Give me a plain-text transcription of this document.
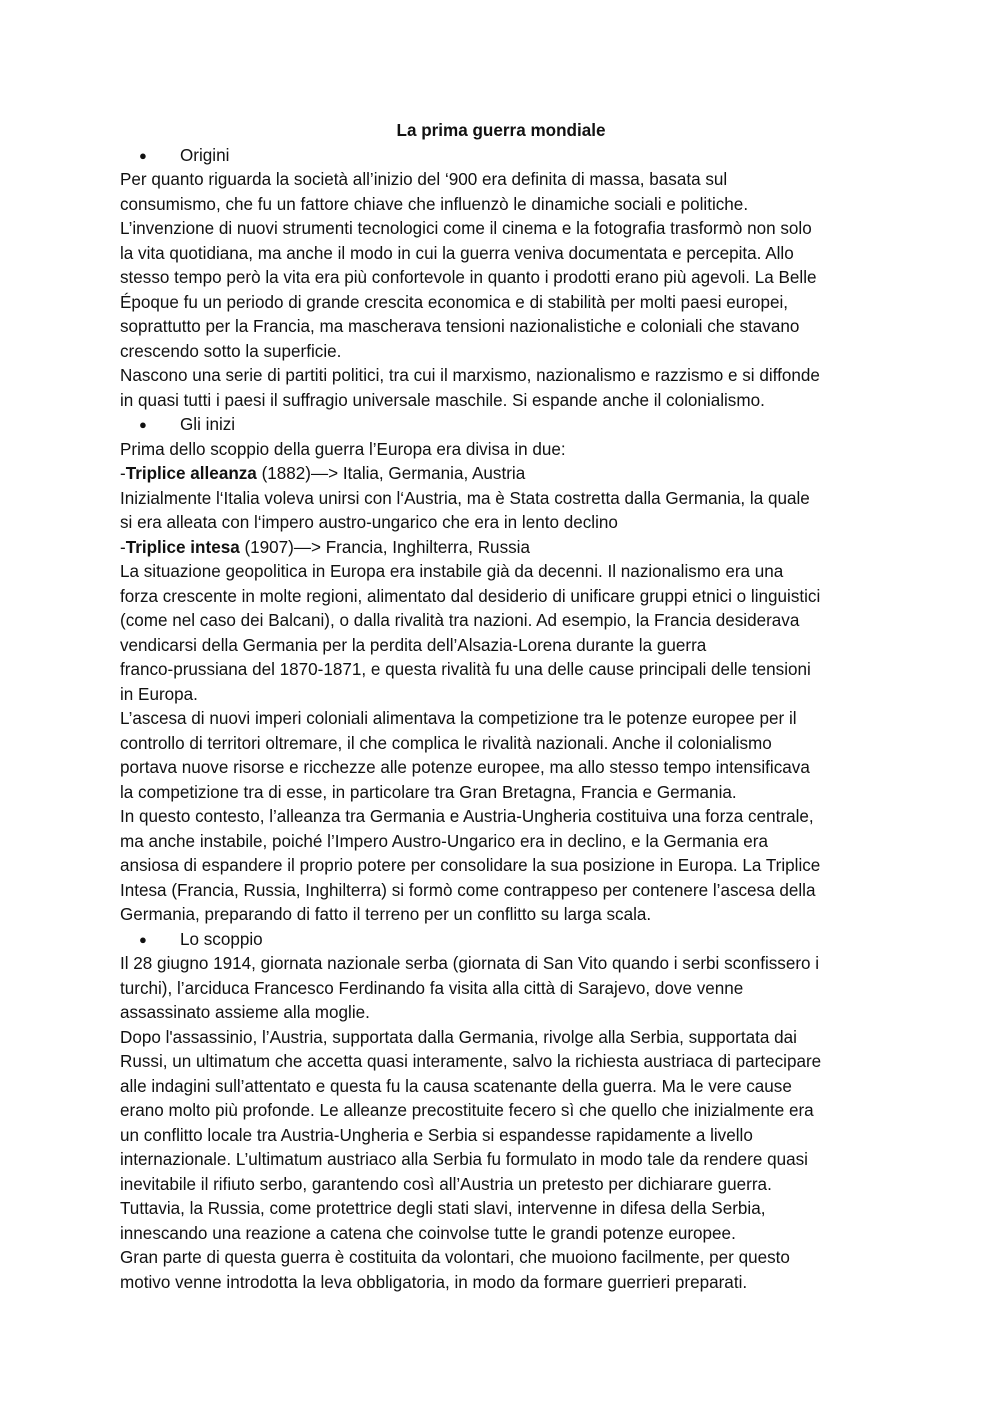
La prima guerra mondiale

● Origini

Per quanto riguarda la società all’inizio del ‘900 era definita di massa, basata sul
consumismo, che fu un fattore chiave che influenzò le dinamiche sociali e politiche.
L’invenzione di nuovi strumenti tecnologici come il cinema e la fotografia trasformò non solo
la vita quotidiana, ma anche il modo in cui la guerra veniva documentata e percepita. Allo
stesso tempo però la vita era più confortevole in quanto i prodotti erano più agevoli. La Belle
Époque fu un periodo di grande crescita economica e di stabilità per molti paesi europei,
soprattutto per la Francia, ma mascherava tensioni nazionalistiche e coloniali che stavano
crescendo sotto la superficie.

Nascono una serie di partiti politici, tra cui il marxismo, nazionalismo e razzismo e si diffonde
in quasi tutti i paesi il suffragio universale maschile. Si espande anche il colonialismo.

● Gli inizi

Prima dello scoppio della guerra l’Europa era divisa in due:
-Triplice alleanza (1882)—> Italia, Germania, Austria
Inizialmente l‘Italia voleva unirsi con l‘Austria, ma è Stata costretta dalla Germania, la quale
si era alleata con l‘impero austro-ungarico che era in lento declino
-Triplice intesa (1907)—> Francia, Inghilterra, Russia

La situazione geopolitica in Europa era instabile già da decenni. Il nazionalismo era una
forza crescente in molte regioni, alimentato dal desiderio di unificare gruppi etnici o linguistici
(come nel caso dei Balcani), o dalla rivalità tra nazioni. Ad esempio, la Francia desiderava
vendicarsi della Germania per la perdita dell’Alsazia-Lorena durante la guerra
franco-prussiana del 1870-1871, e questa rivalità fu una delle cause principali delle tensioni
in Europa.

L’ascesa di nuovi imperi coloniali alimentava la competizione tra le potenze europee per il
controllo di territori oltremare, il che complica le rivalità nazionali. Anche il colonialismo
portava nuove risorse e ricchezze alle potenze europee, ma allo stesso tempo intensificava
la competizione tra di esse, in particolare tra Gran Bretagna, Francia e Germania.

In questo contesto, l’alleanza tra Germania e Austria-Ungheria costituiva una forza centrale,
ma anche instabile, poiché l’Impero Austro-Ungarico era in declino, e la Germania era
ansiosa di espandere il proprio potere per consolidare la sua posizione in Europa. La Triplice
Intesa (Francia, Russia, Inghilterra) si formò come contrappeso per contenere l’ascesa della
Germania, preparando di fatto il terreno per un conflitto su larga scala.

● Lo scoppio

Il 28 giugno 1914, giornata nazionale serba (giornata di San Vito quando i serbi sconfissero i
turchi), l’arciduca Francesco Ferdinando fa visita alla città di Sarajevo, dove venne
assassinato assieme alla moglie.

Dopo l'assassinio, l’Austria, supportata dalla Germania, rivolge alla Serbia, supportata dai
Russi, un ultimatum che accetta quasi interamente, salvo la richiesta austriaca di partecipare
alle indagini sull’attentato e questa fu la causa scatenante della guerra. Ma le vere cause
erano molto più profonde. Le alleanze precostituite fecero sì che quello che inizialmente era
un conflitto locale tra Austria-Ungheria e Serbia si espandesse rapidamente a livello
internazionale. L’ultimatum austriaco alla Serbia fu formulato in modo tale da rendere quasi
inevitabile il rifiuto serbo, garantendo così all’Austria un pretesto per dichiarare guerra.
Tuttavia, la Russia, come protettrice degli stati slavi, intervenne in difesa della Serbia,
innescando una reazione a catena che coinvolse tutte le grandi potenze europee.

Gran parte di questa guerra è costituita da volontari, che muoiono facilmente, per questo
motivo venne introdotta la leva obbligatoria, in modo da formare guerrieri preparati.
